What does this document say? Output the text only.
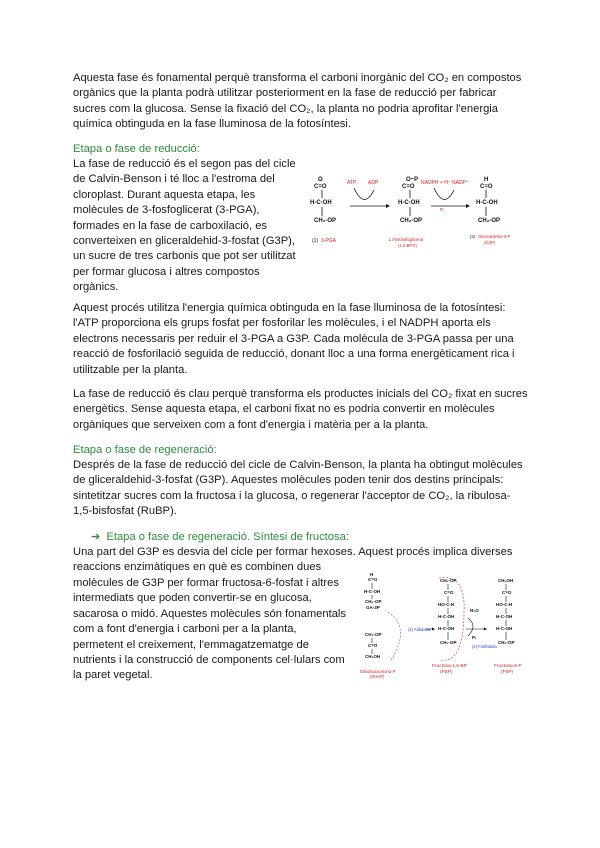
Aquesta fase és fonamental perquè transforma el carboni inorgànic del CO₂ en compostos orgànics que la planta podrà utilitzar posteriorment en la fase de reducció per fabricar sucres com la glucosa. Sense la fixació del CO₂, la planta no podria aprofitar l'energia química obtinguda en la fase lluminosa de la fotosíntesi.

Etapa o fase de reducció:

La fase de reducció és el segon pas del cicle de Calvin-Benson i té lloc a l'estroma del cloroplast. Durant aquesta etapa, les molècules de 3-fosfoglicerat (3-PGA), formades en la fase de carboxilació, es converteixen en gliceraldehid-3-fosfat (G3P), un sucre de tres carbonis que pot ser utilitzat per formar glucosa i altres compostos orgànics.

O
C=O
H-C-OH
CH₂-OP
(1) 3-PGA
ATP ADP	O~P
C=O
H-C-OH
CH₂-OP
1,3-bisfosfoglicerat
(1,3-BPG)
NADPH + H⁺ NADP⁺
Pᵢ
H
C=O
H-C-OH
CH₂-OP
(3) Gliceraldehid-3-P
(G3P)

Aquest procés utilitza l'energia química obtinguda en la fase lluminosa de la fotosíntesi: l'ATP proporciona els grups fosfat per fosforilar les molècules, i el NADPH aporta els electrons necessaris per reduir el 3-PGA a G3P. Cada molècula de 3-PGA passa per una reacció de fosforilació seguida de reducció, donant lloc a una forma energèticament rica i utilitzable per la planta.

La fase de reducció és clau perquè transforma els productes inicials del CO₂ fixat en sucres energètics. Sense aquesta etapa, el carboni fixat no es podria convertir en molècules orgàniques que serveixen com a font d'energia i matèria per a la planta.

Etapa o fase de regeneració:

Després de la fase de reducció del cicle de Calvin-Benson, la planta ha obtingut molècules de gliceraldehid-3-fosfat (G3P). Aquestes molècules poden tenir dos destins principals: sintetitzar sucres com la fructosa i la glucosa, o regenerar l'acceptor de CO₂, la ribulosa-1,5-bisfosfat (RuBP).

➔ Etapa o fase de regeneració. Síntesi de fructosa:

Una part del G3P es desvia del cicle per formar hexoses. Aquest procés implica diverses reaccions enzimàtiques en què es combinen dues

molècules de G3P per formar fructosa-6-fosfat i altres intermediats que poden convertir-se en glucosa, sacarosa o midó. Aquestes molècules són fonamentals com a font d'energia i carboni per a la planta, permetent el creixement, l'emmagatzematge de nutrients i la construcció de components cel·lulars com la paret vegetal.

H
C=O
H-C-OH
CH₂-OP
GA-3P
CH₂-OP
C=O
CH₂OH
Dihidroxiacetona-P
(DHAP)
(1) Aldolasa
CH₂-OP
C=O
HO-C-H
H-C-OH
H-C-OH
CH₂-OP
Fructosa-1,6-BP
(FBP)
H₂O
Pᵢ
(2) Fosfatasa
CH₂OH
C=O
HO-C-H
H-C-OH
H-C-OH
CH₂-OP
Fructosa-6-P
(F6P)
